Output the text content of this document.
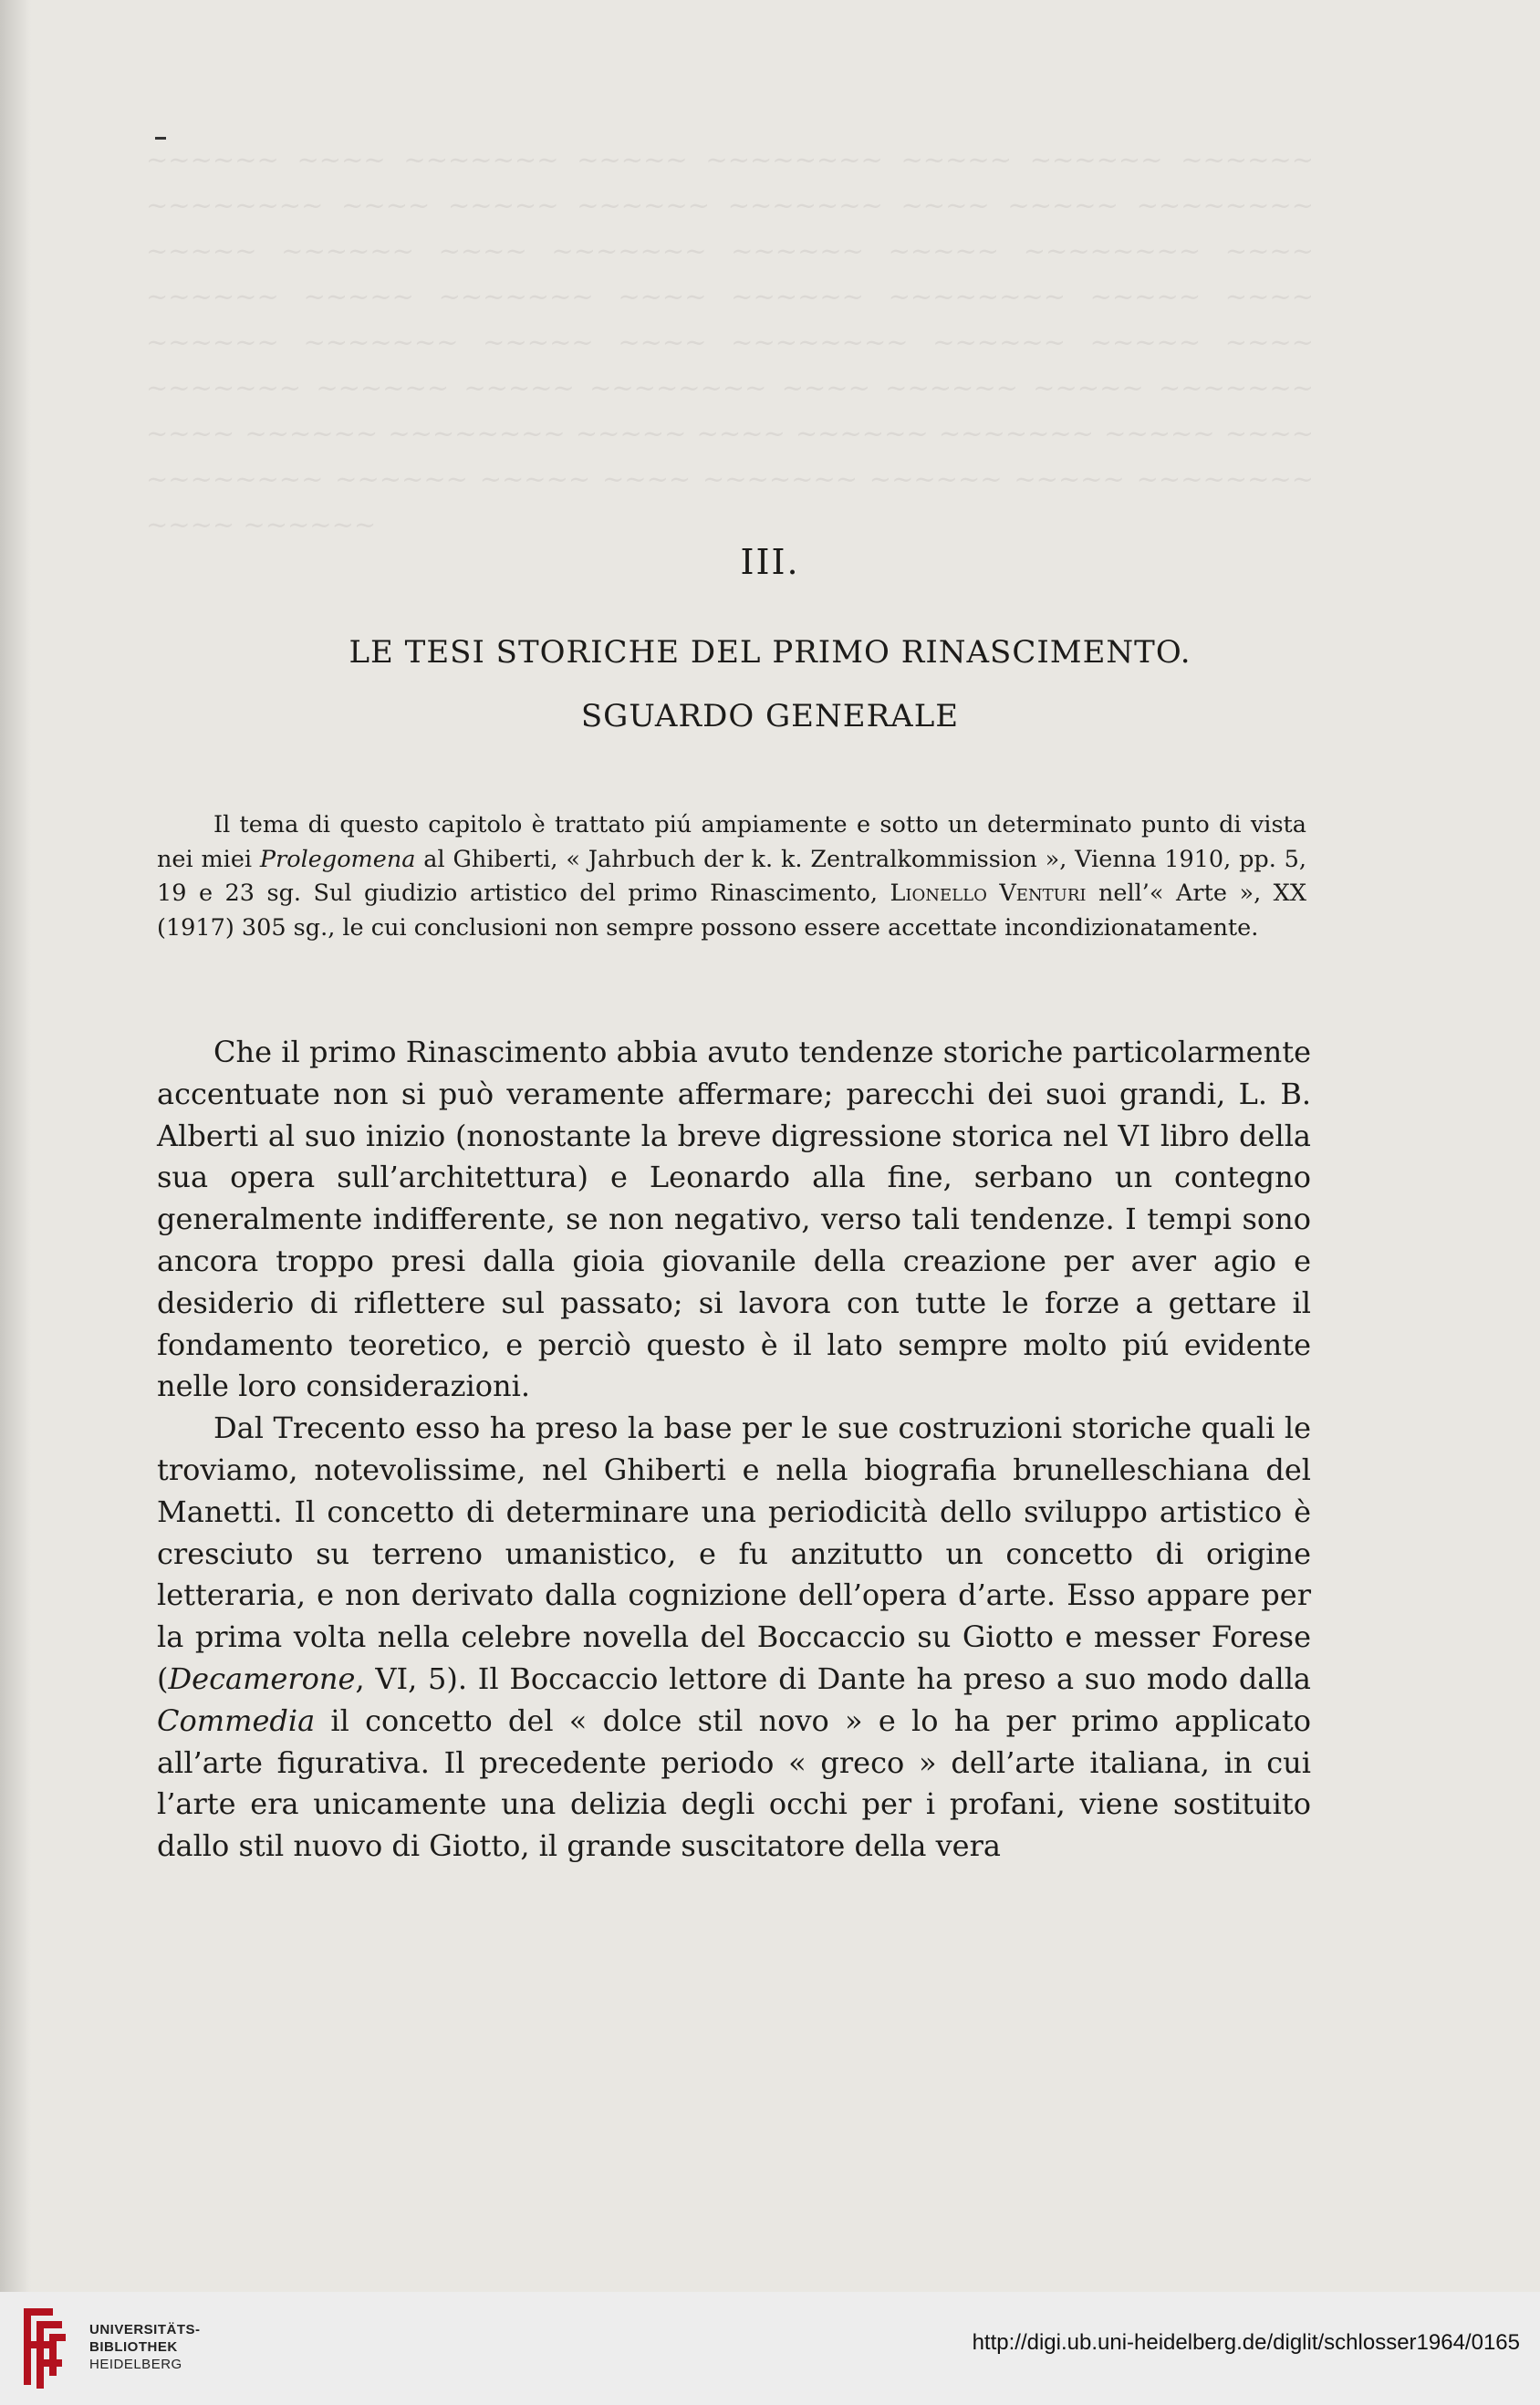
~~~~~~ ~~~~ ~~~~~~~ ~~~~~ ~~~~~~~~ ~~~~~ ~~~~~~ ~~~~~~ ~~~~~~~~ ~~~~ ~~~~~ ~~~~~~ ~~~~~~~ ~~~~ ~~~~~ ~~~~~~~~ ~~~~~ ~~~~~~ ~~~~ ~~~~~~~ ~~~~~~ ~~~~~ ~~~~~~~~ ~~~~ ~~~~~~ ~~~~~ ~~~~~~~ ~~~~ ~~~~~~ ~~~~~~~~ ~~~~~ ~~~~ ~~~~~~ ~~~~~~~ ~~~~~ ~~~~ ~~~~~~~~ ~~~~~~ ~~~~~ ~~~~ ~~~~~~~ ~~~~~~ ~~~~~ ~~~~~~~~ ~~~~ ~~~~~~ ~~~~~ ~~~~~~~ ~~~~ ~~~~~~ ~~~~~~~~ ~~~~~ ~~~~ ~~~~~~ ~~~~~~~ ~~~~~ ~~~~ ~~~~~~~~ ~~~~~~ ~~~~~ ~~~~ ~~~~~~~ ~~~~~~ ~~~~~ ~~~~~~~~ ~~~~ ~~~~~~
III.
LE TESI STORICHE DEL PRIMO RINASCIMENTO.
SGUARDO GENERALE
Il tema di questo capitolo è trattato piú ampiamente e sotto un determinato punto di vista nei miei Prolegomena al Ghiberti, « Jahrbuch der k. k. Zentralkommission », Vienna 1910, pp. 5, 19 e 23 sg. Sul giudizio artistico del primo Rinascimento, Lionello Venturi nell’« Arte », XX (1917) 305 sg., le cui conclusioni non sempre possono essere accettate incondizionatamente.

Che il primo Rinascimento abbia avuto tendenze storiche particolarmente accentuate non si può veramente affermare; parecchi dei suoi grandi, L. B. Alberti al suo inizio (nonostante la breve digressione storica nel VI libro della sua opera sull’architettura) e Leonardo alla fine, serbano un contegno generalmente indifferente, se non negativo, verso tali tendenze. I tempi sono ancora troppo presi dalla gioia giovanile della creazione per aver agio e desiderio di riflettere sul passato; si lavora con tutte le forze a gettare il fondamento teoretico, e perciò questo è il lato sempre molto piú evidente nelle loro considerazioni.

Dal Trecento esso ha preso la base per le sue costruzioni storiche quali le troviamo, notevolissime, nel Ghiberti e nella biografia brunelleschiana del Manetti. Il concetto di determinare una periodicità dello sviluppo artistico è cresciuto su terreno umanistico, e fu anzitutto un concetto di origine letteraria, e non derivato dalla cognizione dell’opera d’arte. Esso appare per la prima volta nella celebre novella del Boccaccio su Giotto e messer Forese (Decamerone, VI, 5). Il Boccaccio lettore di Dante ha preso a suo modo dalla Commedia il concetto del « dolce stil novo » e lo ha per primo applicato all’arte figurativa. Il precedente periodo « greco » dell’arte italiana, in cui l’arte era unicamente una delizia degli occhi per i profani, viene sostituito dallo stil nuovo di Giotto, il grande suscitatore della vera

UNIVERSITÄTS-
BIBLIOTHEK
HEIDELBERG
http://digi.ub.uni-heidelberg.de/diglit/schlosser1964/0165
